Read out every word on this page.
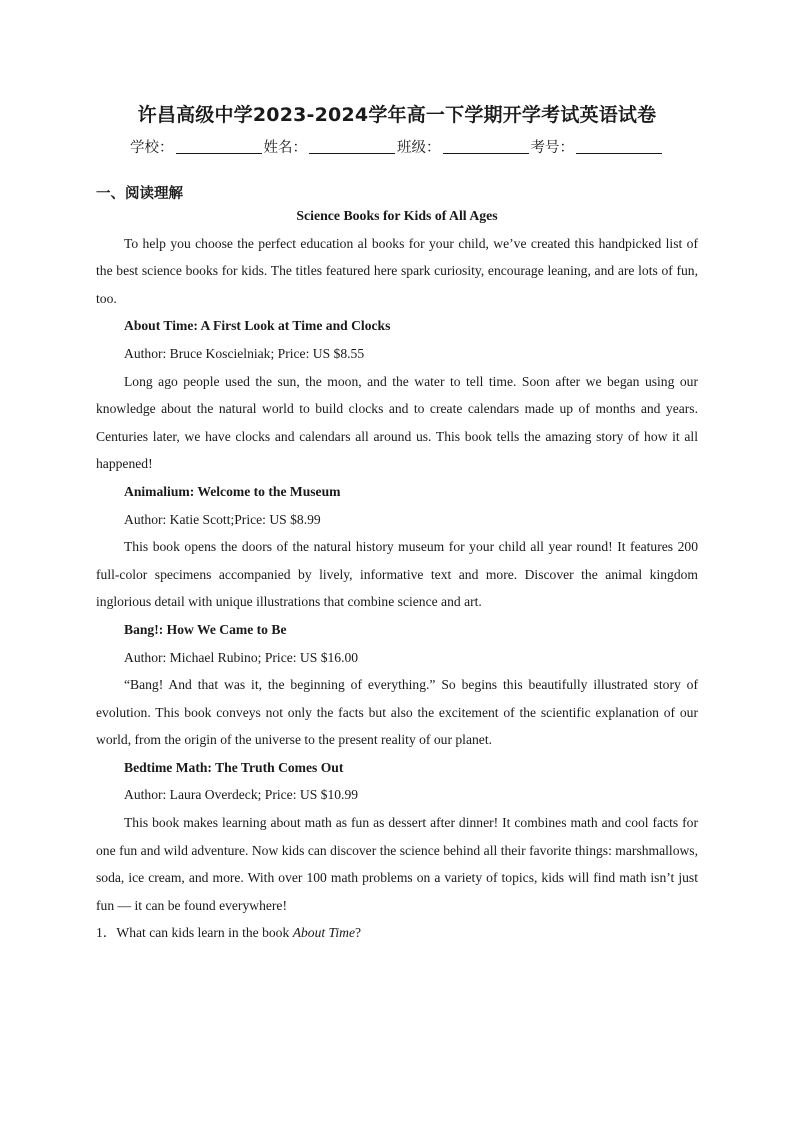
许昌高级中学2023-2024学年高一下学期开学考试英语试卷
学校：	姓名：	班级：	考号：
一、阅读理解
Science Books for Kids of All Ages

To help you choose the perfect education al books for your child, we’ve created this handpicked list of the best science books for kids. The titles featured here spark curiosity, encourage leaning, and are lots of fun, too.

About Time: A First Look at Time and Clocks

Author: Bruce Koscielniak; Price: US $8.55

Long ago people used the sun, the moon, and the water to tell time. Soon after we began using our knowledge about the natural world to build clocks and to create calendars made up of months and years. Centuries later, we have clocks and calendars all around us. This book tells the amazing story of how it all happened!

Animalium: Welcome to the Museum

Author: Katie Scott;Price: US $8.99

This book opens the doors of the natural history museum for your child all year round! It features 200 full-color specimens accompanied by lively, informative text and more. Discover the animal kingdom inglorious detail with unique illustrations that combine science and art.

Bang!: How We Came to Be

Author: Michael Rubino; Price: US $16.00

“Bang! And that was it, the beginning of everything.” So begins this beautifully illustrated story of evolution. This book conveys not only the facts but also the excitement of the scientific explanation of our world, from the origin of the universe to the present reality of our planet.

Bedtime Math: The Truth Comes Out

Author: Laura Overdeck; Price: US $10.99

This book makes learning about math as fun as dessert after dinner! It combines math and cool facts for one fun and wild adventure. Now kids can discover the science behind all their favorite things: marshmallows, soda, ice cream, and more. With over 100 math problems on a variety of topics, kids will find math isn’t just fun — it can be found everywhere!

1．What can kids learn in the book About Time?
